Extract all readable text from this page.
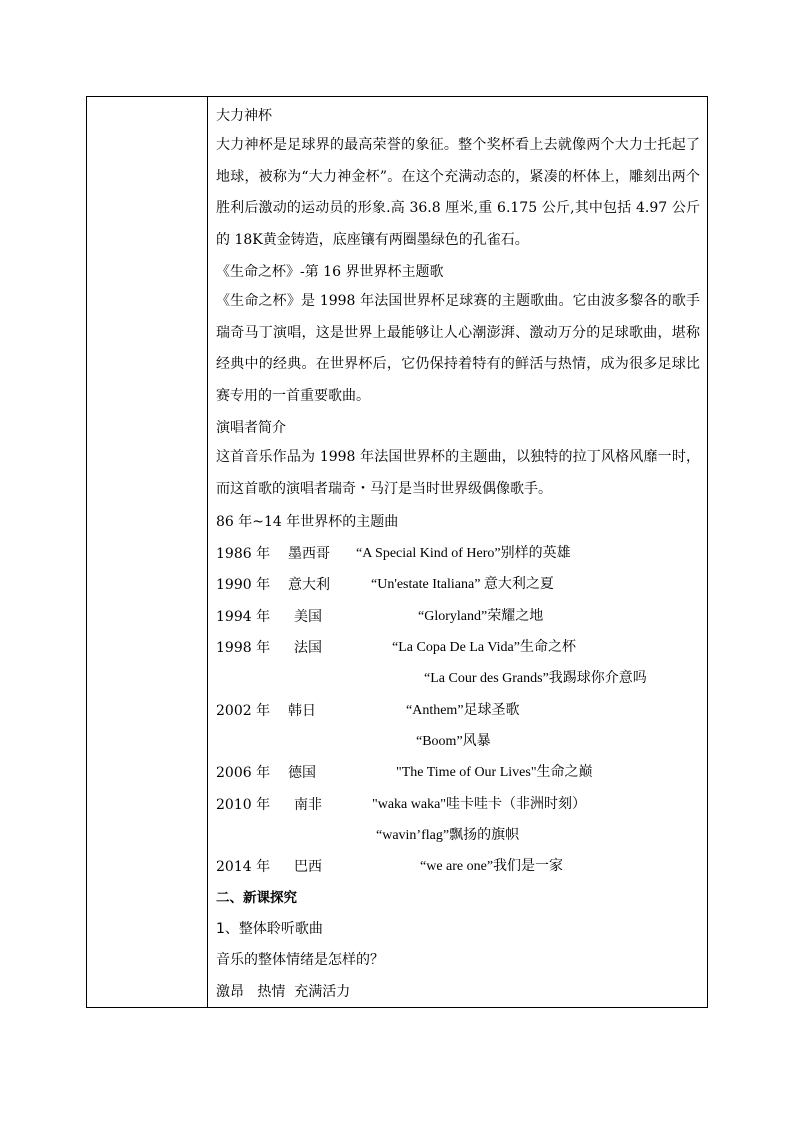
大力神杯
大力神杯是足球界的最高荣誉的象征。整个奖杯看上去就像两个大力士托起了地球，被称为“大力神金杯”。在这个充满动态的，紧凑的杯体上，雕刻出两个胜利后激动的运动员的形象.高 36.8 厘米,重 6.175 公斤,其中包括 4.97 公斤的 18K黄金铸造，底座镶有两圈墨绿色的孔雀石。
《生命之杯》-第 16 界世界杯主题歌
《生命之杯》是 1998 年法国世界杯足球赛的主题歌曲。它由波多黎各的歌手瑞奇马丁演唱，这是世界上最能够让人心潮澎湃、激动万分的足球歌曲，堪称经典中的经典。在世界杯后，它仍保持着特有的鲜活与热情，成为很多足球比赛专用的一首重要歌曲。
演唱者简介
这首音乐作品为 1998 年法国世界杯的主题曲，以独特的拉丁风格风靡一时，而这首歌的演唱者瑞奇・马汀是当时世界级偶像歌手。
86 年~14 年世界杯的主题曲
1986 年 墨西哥 “A Special Kind of Hero”别样的英雄
1990 年 意大利	“Un'estate Italiana” 意大利之夏
1994 年 美国	“Gloryland”荣耀之地
1998 年 法国	“La Copa De La Vida”生命之杯
“La Cour des Grands”我踢球你介意吗
2002 年 韩日	“Anthem”足球圣歌
“Boom”风暴
2006 年 德国	"The Time of Our Lives"生命之巅
2010 年 南非	"waka waka"哇卡哇卡（非洲时刻）
“wavin’flag”飘扬的旗帜
2014 年 巴西	“we are one”我们是一家
二、新课探究
1、整体聆听歌曲
音乐的整体情绪是怎样的？
激昂   热情  充满活力
